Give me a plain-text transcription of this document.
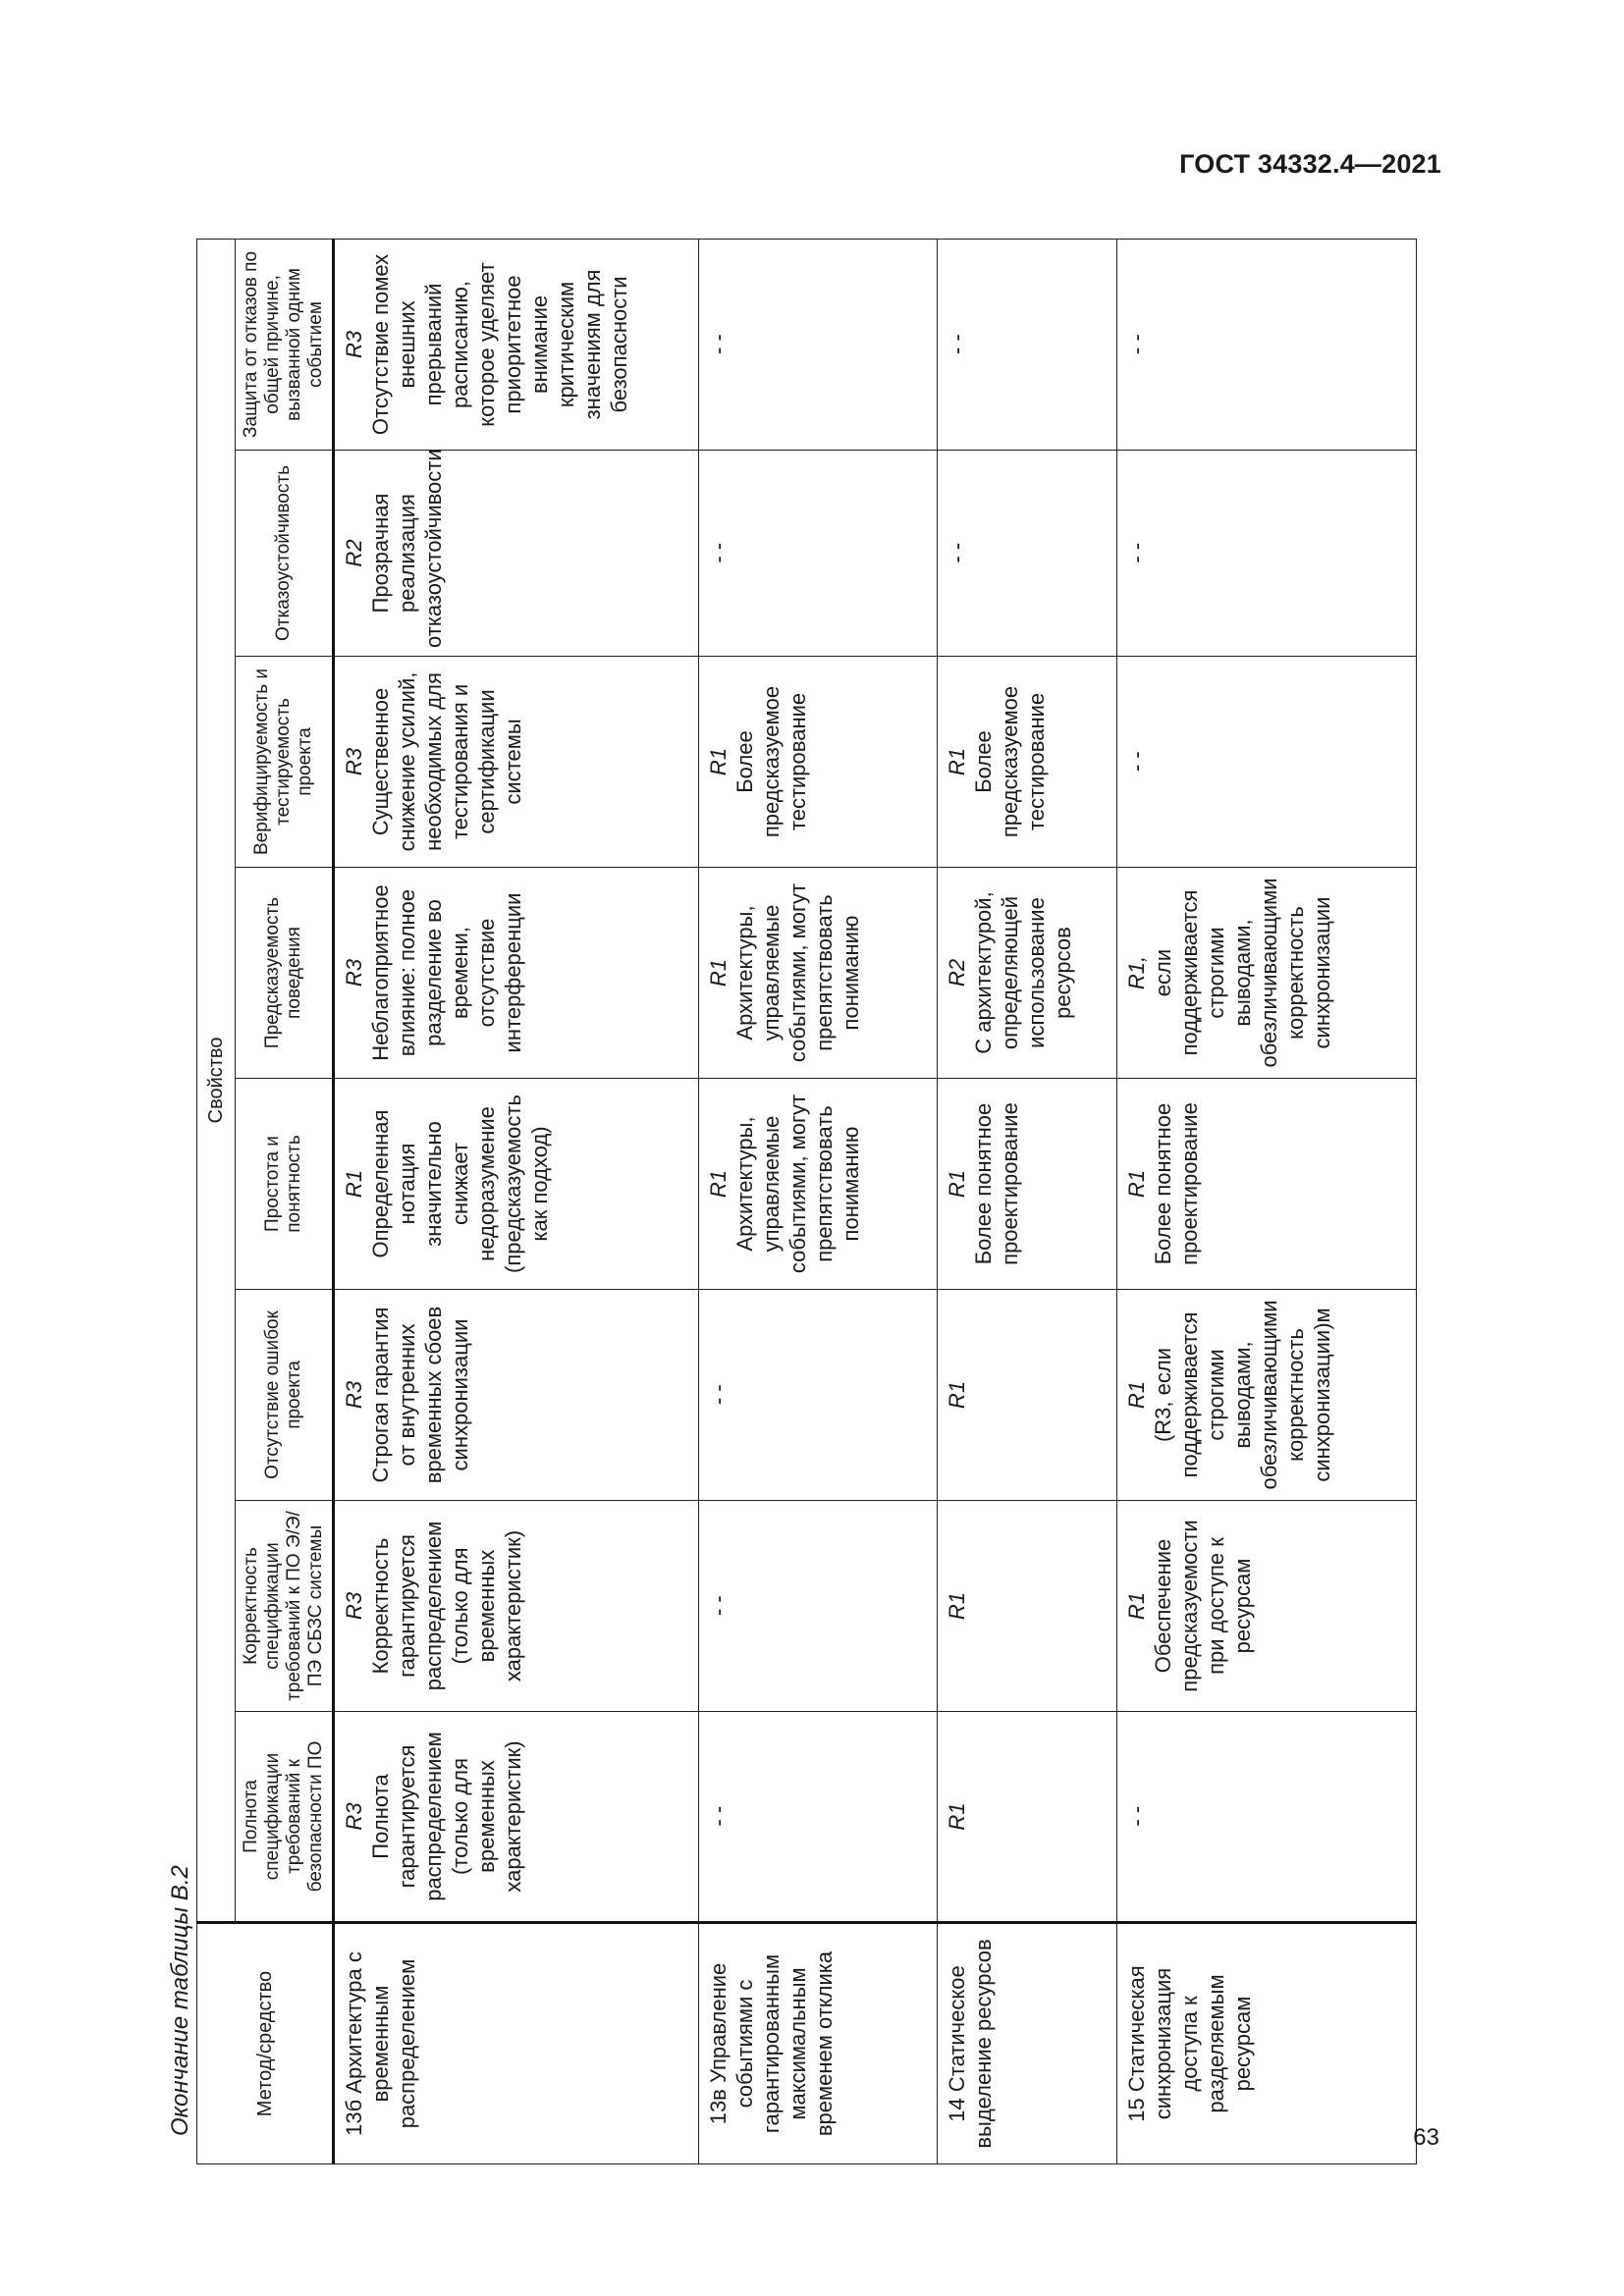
ГОСТ 34332.4—2021
Окончание таблицы В.2	Метод/средство	Свойство							
	Полнота спецификации требований к безопасности ПО	Корректность спецификации требований к ПО Э/Э/ПЭ СБЗС системы	Отсутствие ошибок проекта	Простота и понятность	Предсказуемость поведения	Верифицируемость и тестируемость проекта	Отказоустойчивость	Защита от отказов по общей причине, вызванной одним событием
13б Архитектура с временным распределением	R3 Полнота гарантируется распределением (только для временных характеристик)	R3 Корректность гарантируется распределением (только для временных характеристик)	R3 Строгая гарантия от внутренних временных сбоев синхронизации	R1 Определенная нотация значительно снижает недоразумение (предсказуемость как подход)	R3 Неблагоприятное влияние: полное разделение во времени, отсутствие интерференции	R3 Существенное снижение усилий, необходимых для тестирования и сертификации системы	R2 Прозрачная реализация отказоустойчивости	R3 Отсутствие помех внешних прерываний расписанию, которое уделяет приоритетное внимание критическим значениям для безопасности

13в Управление событиями с гарантированным максимальным временем отклика	- -	- -	- -	R1 Архитектуры, управляемые событиями, могут препятствовать пониманию	R1 Архитектуры, управляемые событиями, могут препятствовать пониманию	R1 Более предсказуемое тестирование	- -	- -

14 Статическое выделение ресурсов	R1	R1	R1	R1 Более понятное проектирование	R2 С архитектурой, определяющей использование ресурсов	R1 Более предсказуемое тестирование	- -	- -

15 Статическая синхронизация доступа к разделяемым ресурсам	- -	R1 Обеспечение предсказуемости при доступе к ресурсам	R1 (R3, если поддерживается строгими выводами, обезличивающими корректность синхронизации)м	R1 Более понятное проектирование	R1, если поддерживается строгими выводами, обезличивающими корректность синхронизации	- -	- -	- -
63
